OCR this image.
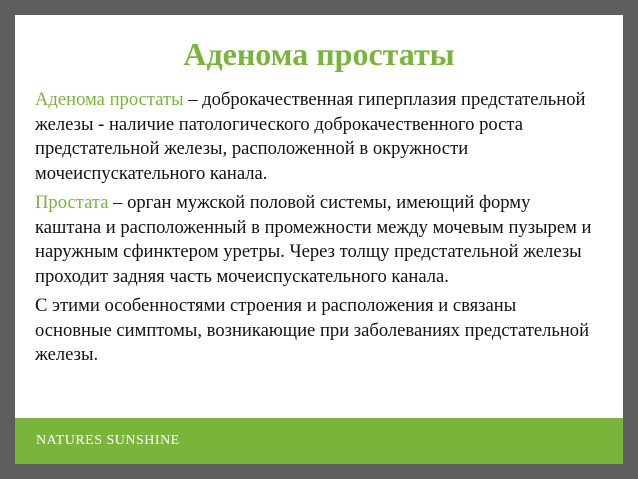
Аденома простаты

Аденома простаты – доброкачественная гиперплазия предстательной железы - наличие патологического доброкачественного роста предстательной железы, расположенной в окружности мочеиспускательного канала.

Простата – орган мужской половой системы, имеющий форму каштана и расположенный в промежности между мочевым пузырем и наружным сфинктером уретры. Через толщу предстательной железы проходит задняя часть мочеиспускательного канала.

С этими особенностями строения и расположения и связаны основные симптомы, возникающие при заболеваниях предстательной железы.

NATURES SUNSHINE
